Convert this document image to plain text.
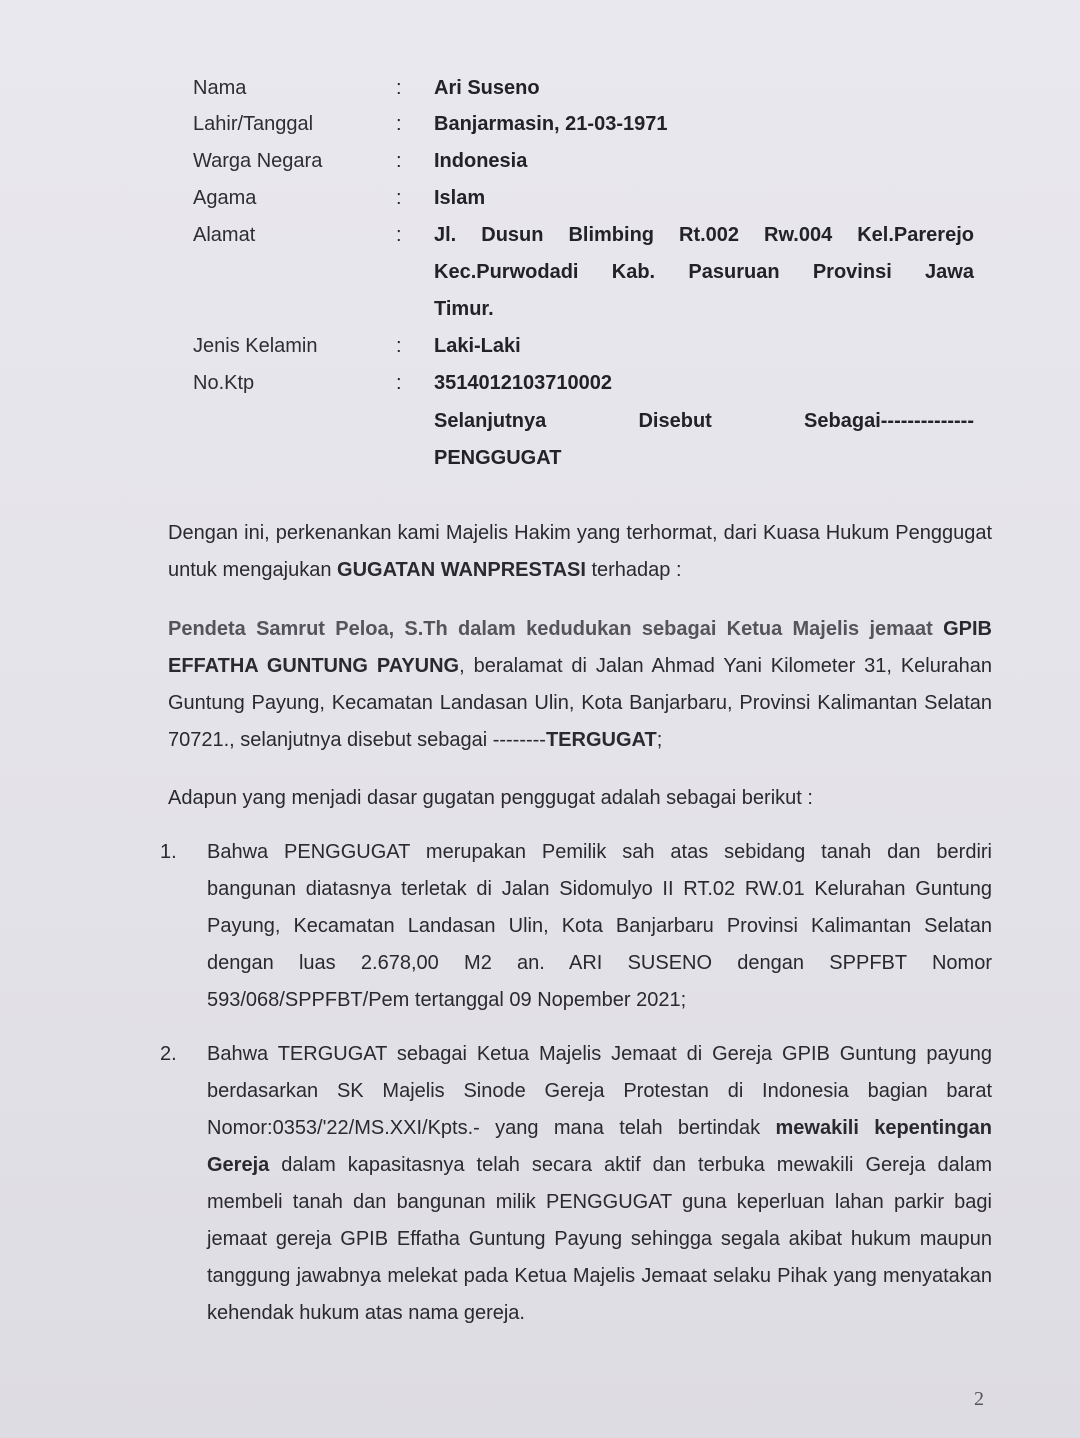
Nama	: Ari Suseno
Lahir/Tanggal	: Banjarmasin, 21-03-1971
Warga Negara	: Indonesia
Agama	: Islam
Alamat	: Jl. Dusun Blimbing Rt.002 Rw.004 Kel.Parerejo
Kec.Purwodadi Kab. Pasuruan Provinsi Jawa
Timur.
Jenis Kelamin	: Laki-Laki
No.Ktp	: 3514012103710002
Selanjutnya	Disebut	Sebagai--------------
PENGGUGAT
Dengan ini, perkenankan kami Majelis Hakim yang terhormat, dari Kuasa Hukum Penggugat untuk mengajukan GUGATAN WANPRESTASI terhadap :
Pendeta Samrut Peloa, S.Th dalam kedudukan sebagai Ketua Majelis jemaat GPIB EFFATHA GUNTUNG PAYUNG, beralamat di Jalan Ahmad Yani Kilometer 31, Kelurahan Guntung Payung, Kecamatan Landasan Ulin, Kota Banjarbaru, Provinsi Kalimantan Selatan 70721., selanjutnya disebut sebagai --------TERGUGAT;
Adapun yang menjadi dasar gugatan penggugat adalah sebagai berikut :
1. Bahwa PENGGUGAT merupakan Pemilik sah atas sebidang tanah dan berdiri bangunan diatasnya terletak di Jalan Sidomulyo II RT.02 RW.01 Kelurahan Guntung Payung, Kecamatan Landasan Ulin, Kota Banjarbaru Provinsi Kalimantan Selatan dengan luas 2.678,00 M2 an. ARI SUSENO dengan SPPFBT Nomor 593/068/SPPFBT/Pem tertanggal 09 Nopember 2021;
2. Bahwa TERGUGAT sebagai Ketua Majelis Jemaat di Gereja GPIB Guntung payung berdasarkan SK Majelis Sinode Gereja Protestan di Indonesia bagian barat Nomor:0353/'22/MS.XXI/Kpts.- yang mana telah bertindak mewakili kepentingan Gereja dalam kapasitasnya telah secara aktif dan terbuka mewakili Gereja dalam membeli tanah dan bangunan milik PENGGUGAT guna keperluan lahan parkir bagi jemaat gereja GPIB Effatha Guntung Payung sehingga segala akibat hukum maupun tanggung jawabnya melekat pada Ketua Majelis Jemaat selaku Pihak yang menyatakan kehendak hukum atas nama gereja.
2
